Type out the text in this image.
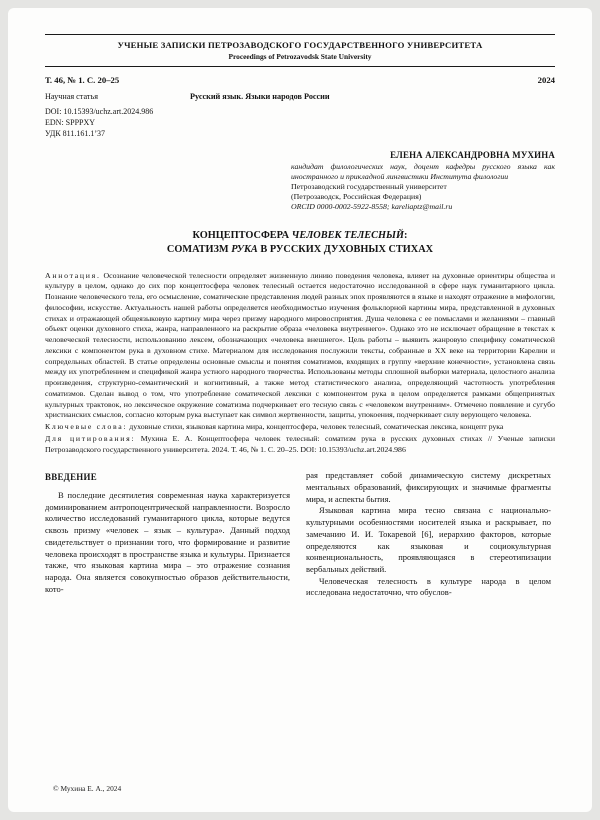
УЧЕНЫЕ ЗАПИСКИ ПЕТРОЗАВОДСКОГО ГОСУДАРСТВЕННОГО УНИВЕРСИТЕТА
Proceedings of Petrozavodsk State University
Т. 46, № 1. С. 20–25	2024
Научная статья	Русский язык. Языки народов России
DOI: 10.15393/uchz.art.2024.986
EDN: SPPPXY
УДК 811.161.1’37
ЕЛЕНА АЛЕКСАНДРОВНА МУХИНА
кандидат филологических наук, доцент кафедры русского языка как иностранного и прикладной лингвистики Института филологии
Петрозаводский государственный университет
(Петрозаводск, Российская Федерация)
ORCID 0000-0002-5922-8558; kareliaptz@mail.ru
КОНЦЕПТОСФЕРА ЧЕЛОВЕК ТЕЛЕСНЫЙ:
СОМАТИЗМ РУКА В РУССКИХ ДУХОВНЫХ СТИХАХ

Аннотация. Осознание человеческой телесности определяет жизненную линию поведения человека, влияет на духовные ориентиры общества и культуру в целом, однако до сих пор концептосфера человек телесный остается недостаточно исследованной в сфере наук гуманитарного цикла. Познание человеческого тела, его осмысление, соматические представления людей разных эпох проявляются в языке и находят отражение в мифологии, философии, искусстве. Актуальность нашей работы определяется необходимостью изучения фольклорной картины мира, представленной в духовных стихах и отражающей общеязыковую картину мира через призму народного мировосприятия. Душа человека с ее помыслами и желаниями – главный объект оценки духовного стиха, жанра, направленного на раскрытие образа «человека внутреннего». Однако это не исключает обращение в текстах к человеческой телесности, использованию лексем, обозначающих «человека внешнего». Цель работы – выявить жанровую специфику соматической лексики с компонентом рука в духовном стихе. Материалом для исследования послужили тексты, собранные в XX веке на территории Карелии и сопредельных областей. В статье определены основные смыслы и понятия соматизмов, входящих в группу «верхние конечности», установлена связь между их употреблением и спецификой жанра устного народного творчества. Использованы методы сплошной выборки материала, целостного анализа произведения, структурно-семантический и когнитивный, а также метод статистического анализа, определяющий частотность употребления соматизмов. Сделан вывод о том, что употребление соматической лексики с компонентом рука в целом определяется рамками общепринятых культурных трактовок, но лексическое окружение соматизма подчеркивает его тесную связь с «человеком внутренним». Отмечено появление и сугубо христианских смыслов, согласно которым рука выступает как символ жертвенности, защиты, упокоения, подчеркивает силу верующего человека.

Ключевые слова: духовные стихи, языковая картина мира, концептосфера, человек телесный, соматическая лексика, концепт рука

Для цитирования: Мухина Е. А. Концептосфера человек телесный: соматизм рука в русских духовных стихах // Ученые записки Петрозаводского государственного университета. 2024. Т. 46, № 1. С. 20–25. DOI: 10.15393/uchz.art.2024.986

ВВЕДЕНИЕ

В последние десятилетия современная наука характеризуется доминированием антропоцентрической направленности. Возросло количество исследований гуманитарного цикла, которые ведутся сквозь призму «человек – язык – культура». Данный подход свидетельствует о признании того, что формирование и развитие человека происходят в пространстве языка и культуры. Признается также, что языковая картина мира – это отражение сознания народа. Она является совокупностью образов действительности, кото-

рая представляет собой динамическую систему дискретных ментальных образований, фиксирующих и значимые фрагменты мира, и аспекты бытия.

Языковая картина мира тесно связана с национально-культурными особенностями носителей языка и раскрывает, по замечанию И. И. Токаревой [6], иерархию факторов, которые определяются как языковая и социокультурная конвенциональность, проявляющаяся в стереотипизации вербальных действий.

Человеческая телесность в культуре народа в целом исследована недостаточно, что обуслов-

© Мухина Е. А., 2024
